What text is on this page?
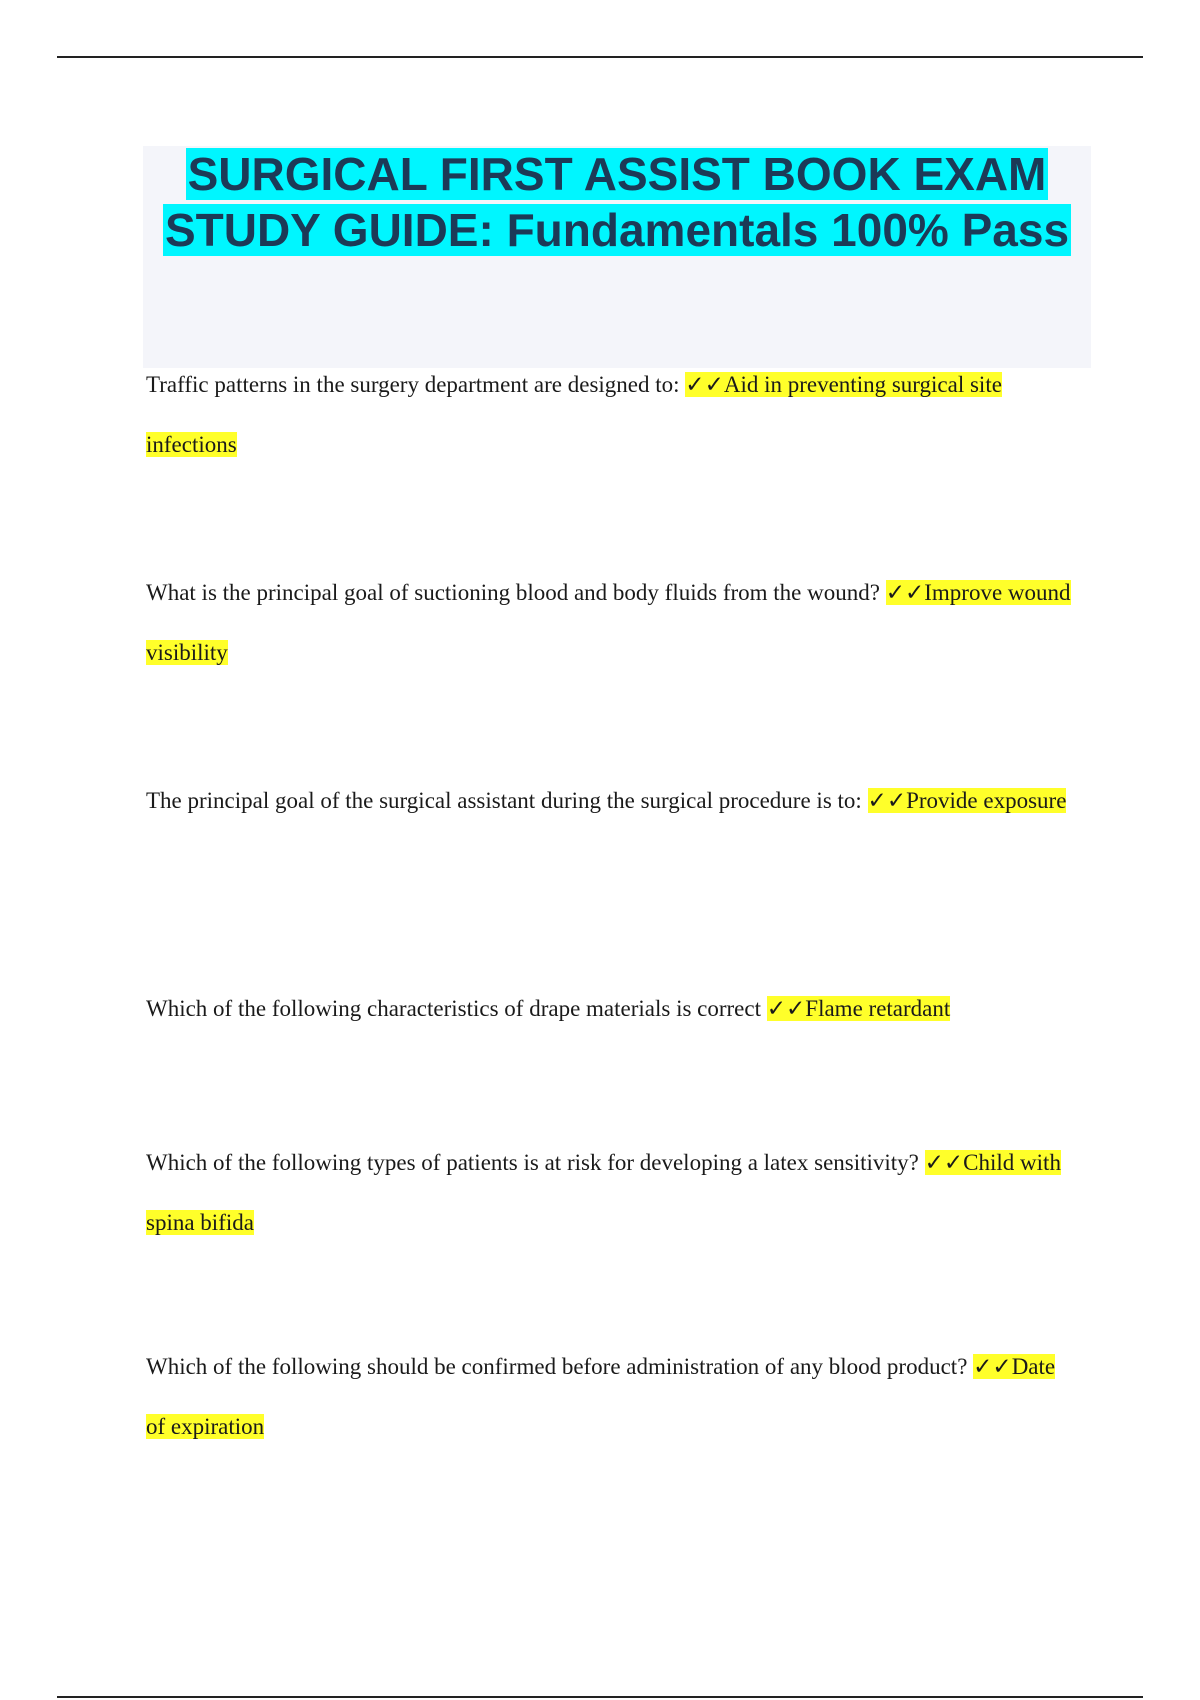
SURGICAL FIRST ASSIST BOOK EXAM STUDY GUIDE: Fundamentals 100% Pass

Traffic patterns in the surgery department are designed to: ✓✓Aid in preventing surgical site infections

What is the principal goal of suctioning blood and body fluids from the wound? ✓✓Improve wound visibility

The principal goal of the surgical assistant during the surgical procedure is to: ✓✓Provide exposure

Which of the following characteristics of drape materials is correct ✓✓Flame retardant

Which of the following types of patients is at risk for developing a latex sensitivity? ✓✓Child with spina bifida

Which of the following should be confirmed before administration of any blood product? ✓✓Date of expiration
